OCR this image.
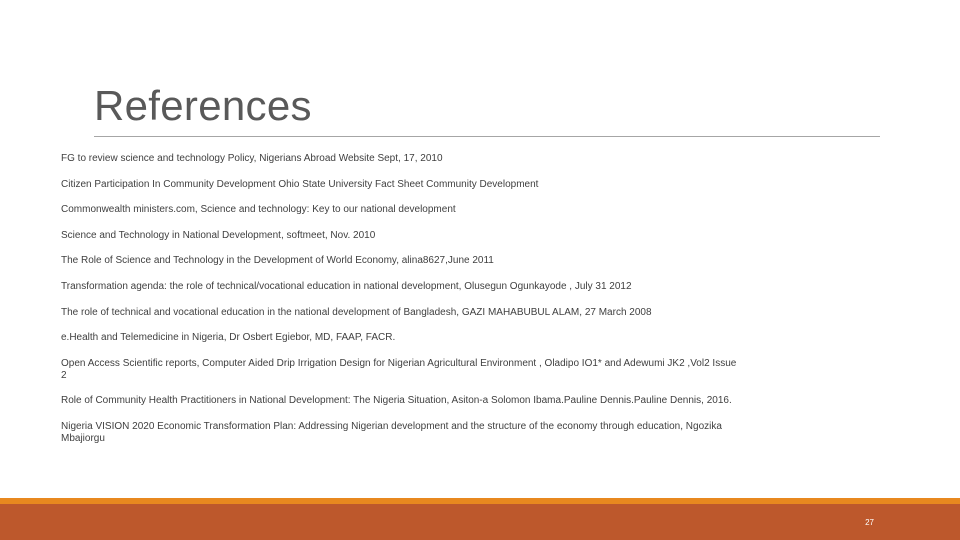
References
FG to review science and technology Policy, Nigerians Abroad Website Sept, 17, 2010
Citizen Participation In Community Development Ohio State University Fact Sheet Community Development
Commonwealth ministers.com, Science and technology: Key to our national development
Science and Technology in National Development, softmeet, Nov. 2010
The Role of Science and Technology in the Development of World Economy, alina8627,June 2011
Transformation agenda: the role of technical/vocational education in national development, Olusegun Ogunkayode , July 31 2012
The role of technical and vocational education in the national development of Bangladesh, GAZI MAHABUBUL ALAM, 27 March 2008
e.Health and Telemedicine in Nigeria, Dr Osbert Egiebor, MD, FAAP, FACR.
Open Access Scientific reports, Computer Aided Drip Irrigation Design for Nigerian Agricultural Environment , Oladipo IO1* and Adewumi JK2 ,Vol2 Issue 2
Role of Community Health Practitioners in National Development: The Nigeria Situation, Asiton-a Solomon Ibama.Pauline Dennis.Pauline Dennis, 2016.
Nigeria VISION 2020 Economic Transformation Plan: Addressing Nigerian development and the structure of the economy through education, Ngozika Mbajiorgu
27
